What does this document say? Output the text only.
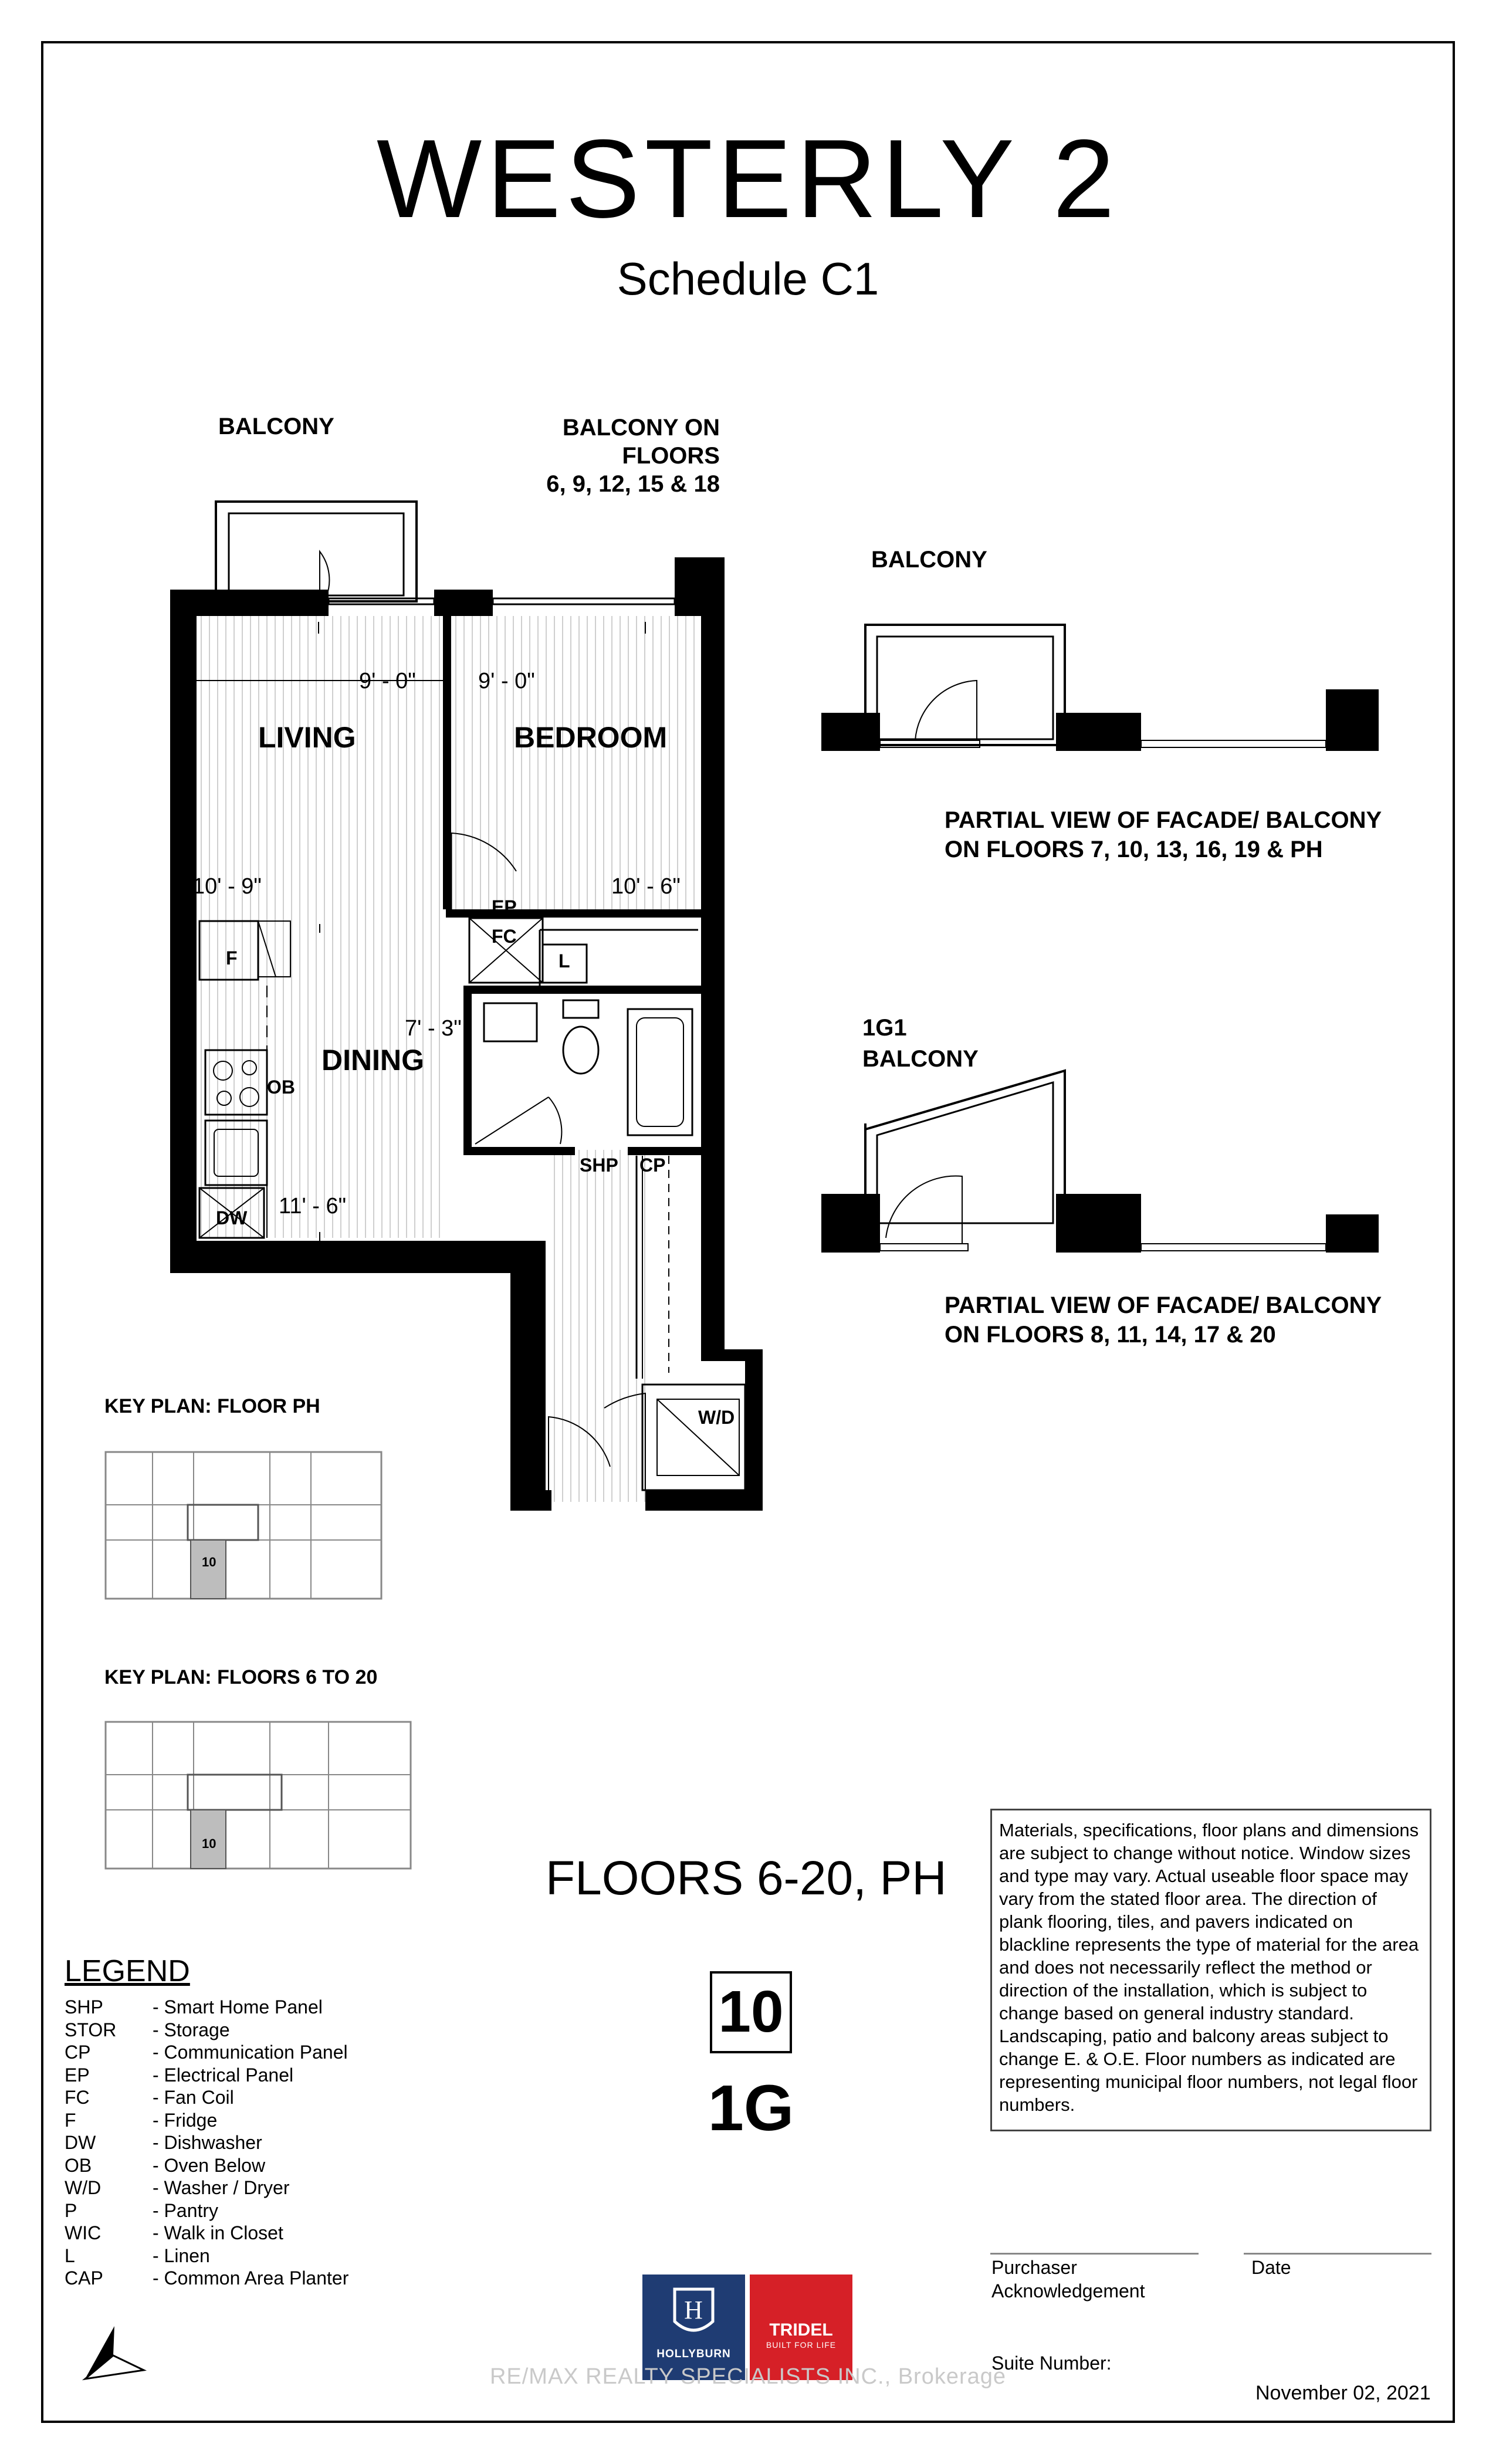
WESTERLY 2
Schedule C1
BALCONY	BALCONY ON FLOORS
6, 9, 12, 15 & 18
LIVING	BEDROOM
DINING
9' - 0"	9' - 0"
10' - 9"	10' - 6"
7' - 3"
11' - 6"
EP
FC
L
F
OB
DW
SHP CP
W/D
BALCONY
PARTIAL VIEW OF FACADE/ BALCONY
ON FLOORS 7, 10, 13, 16, 19 & PH
1G1
BALCONY
PARTIAL VIEW OF FACADE/ BALCONY
ON FLOORS 8, 11, 14, 17 & 20
KEY PLAN: FLOOR PH
10
KEY PLAN: FLOORS 6 TO 20
10
FLOORS 6-20, PH
10
1G
Materials, specifications, floor plans and dimensions are subject to change without notice. Window sizes and type may vary. Actual useable floor space may vary from the stated floor area. The direction of plank flooring, tiles, and pavers indicated on blackline represents the type of material for the area and does not necessarily reflect the method or direction of the installation, which is subject to change based on general industry standard. Landscaping, patio and balcony areas subject to change E. & O.E. Floor numbers as indicated are representing municipal floor numbers, not legal floor numbers.
LEGEND
SHP	- Smart Home Panel
STOR - Storage
CP	- Communication Panel
EP	- Electrical Panel
FC	- Fan Coil
F	- Fridge
DW	- Dishwasher
OB	- Oven Below
W/D	- Washer / Dryer
P	- Pantry
WIC	- Walk in Closet
L	- Linen
CAP	- Common Area Planter	Purchaser
Acknowledgement
Date
Suite Number:
H
HOLLYBURN
TRIDEL
BUILT FOR LIFE
RE/MAX REALTY SPECIALISTS INC., Brokerage
November 02, 2021
